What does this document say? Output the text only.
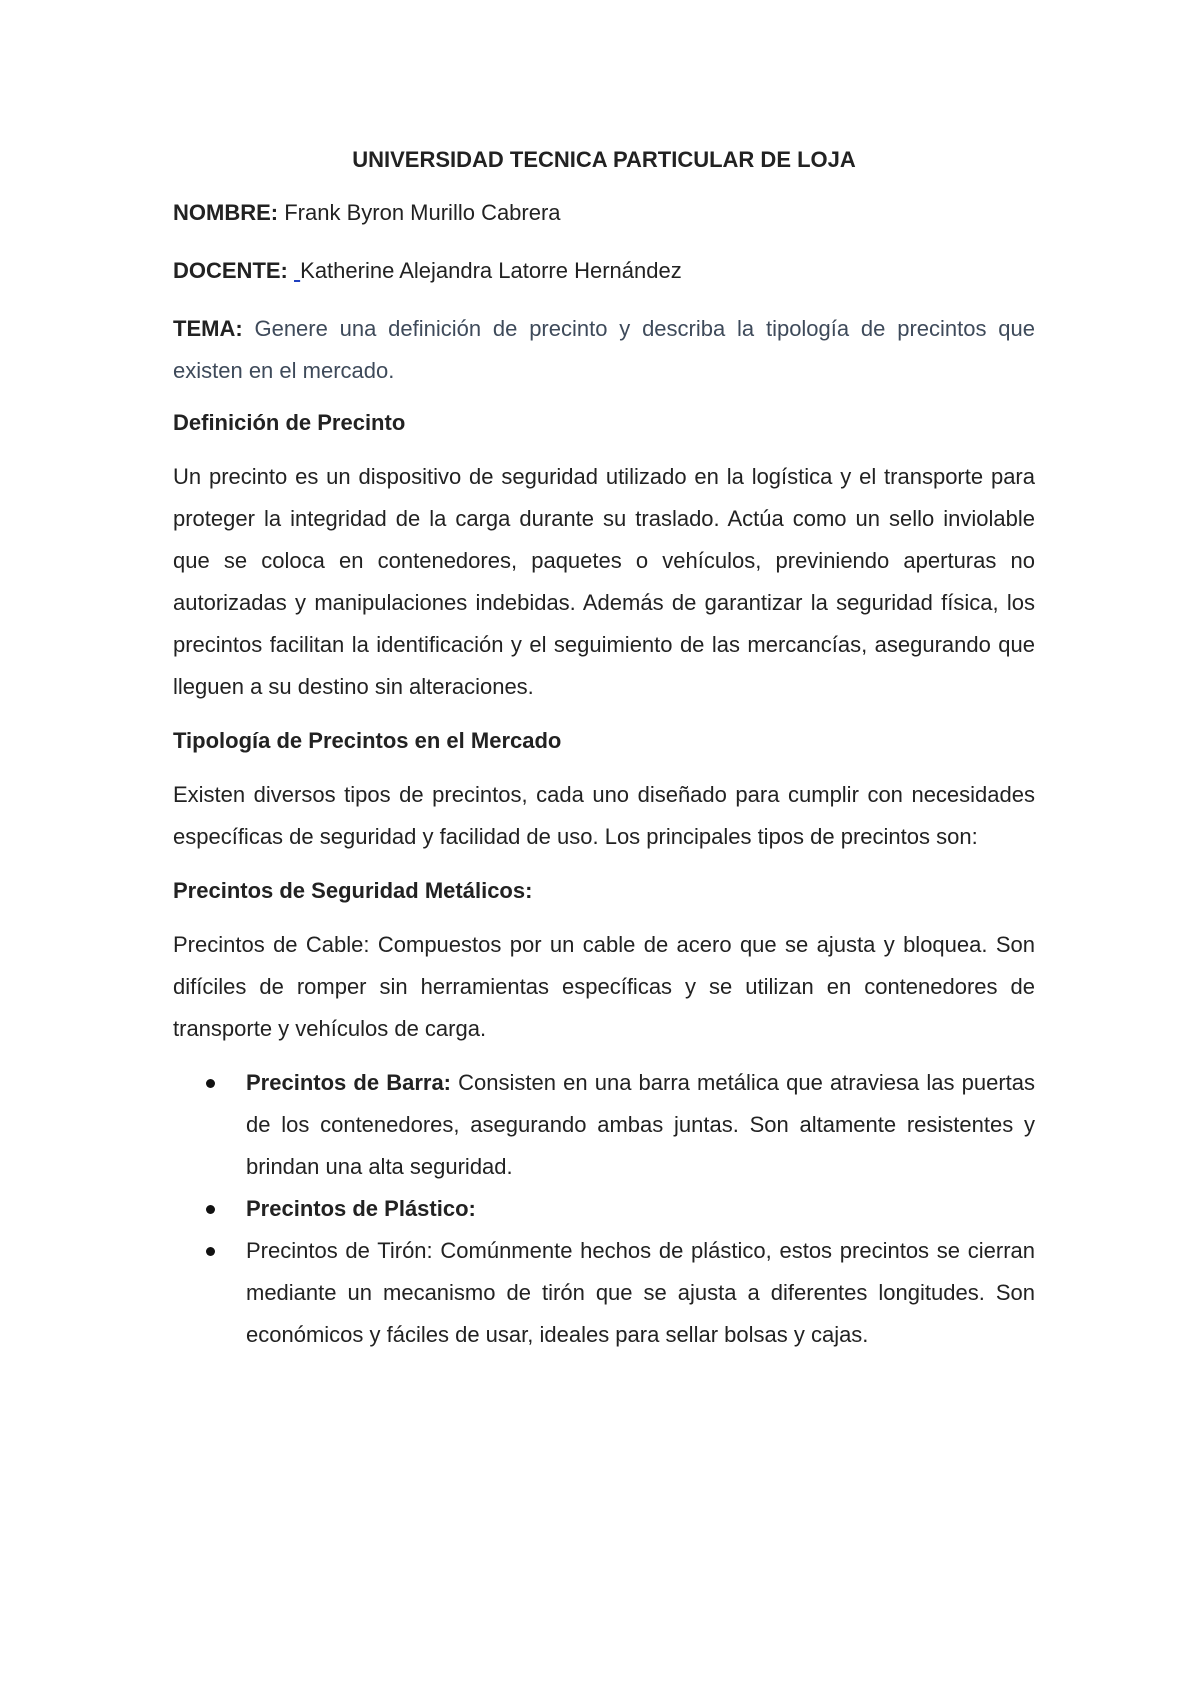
UNIVERSIDAD TECNICA PARTICULAR DE LOJA
NOMBRE: Frank Byron Murillo Cabrera
DOCENTE: Katherine Alejandra Latorre Hernández
TEMA: Genere una definición de precinto y describa la tipología de precintos que existen en el mercado.
Definición de Precinto

Un precinto es un dispositivo de seguridad utilizado en la logística y el transporte para proteger la integridad de la carga durante su traslado. Actúa como un sello inviolable que se coloca en contenedores, paquetes o vehículos, previniendo aperturas no autorizadas y manipulaciones indebidas. Además de garantizar la seguridad física, los precintos facilitan la identificación y el seguimiento de las mercancías, asegurando que lleguen a su destino sin alteraciones.

Tipología de Precintos en el Mercado

Existen diversos tipos de precintos, cada uno diseñado para cumplir con necesidades específicas de seguridad y facilidad de uso. Los principales tipos de precintos son:

Precintos de Seguridad Metálicos:

Precintos de Cable: Compuestos por un cable de acero que se ajusta y bloquea. Son difíciles de romper sin herramientas específicas y se utilizan en contenedores de transporte y vehículos de carga.

Precintos de Barra: Consisten en una barra metálica que atraviesa las puertas de los contenedores, asegurando ambas juntas. Son altamente resistentes y brindan una alta seguridad.
Precintos de Plástico:
Precintos de Tirón: Comúnmente hechos de plástico, estos precintos se cierran mediante un mecanismo de tirón que se ajusta a diferentes longitudes. Son económicos y fáciles de usar, ideales para sellar bolsas y cajas.
